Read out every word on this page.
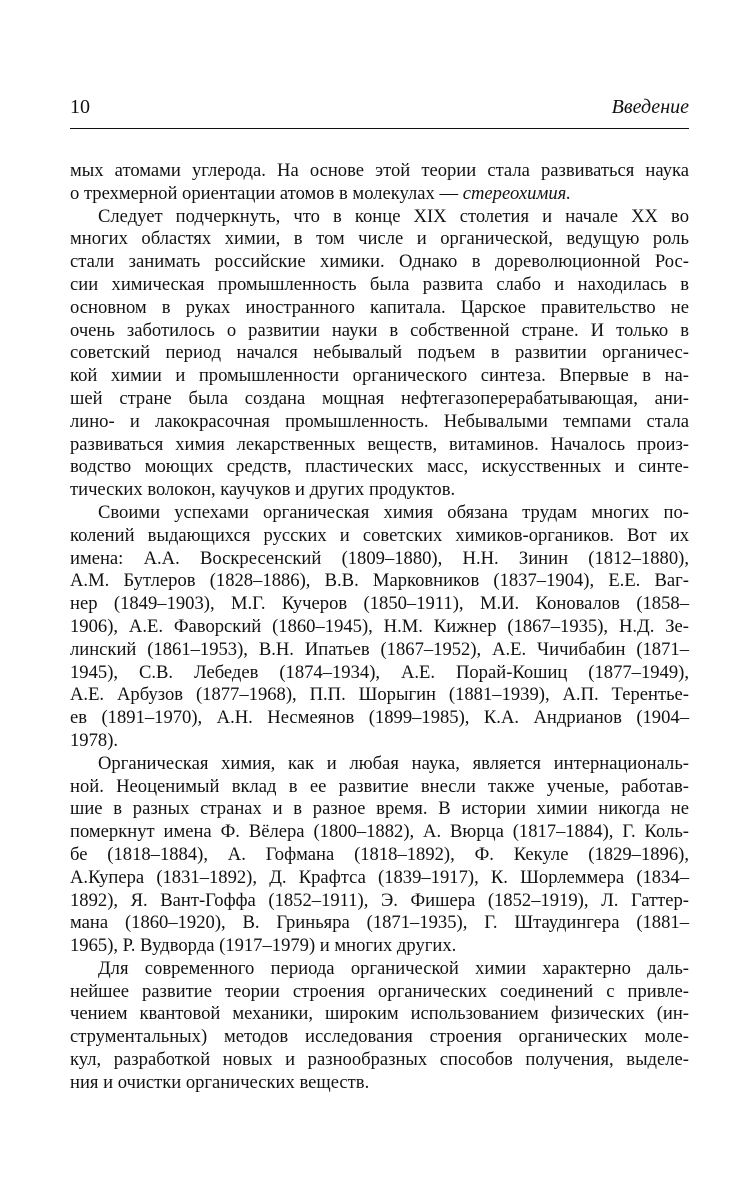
10	Введение
мых атомами углерода. На основе этой теории стала развиваться наука
о трехмерной ориентации атомов в молекулах — стереохимия.
Следует подчеркнуть, что в конце XIX столетия и начале XX во
многих областях химии, в том числе и органической, ведущую роль
стали занимать российские химики. Однако в дореволюционной Рос-
сии химическая промышленность была развита слабо и находилась в
основном в руках иностранного капитала. Царское правительство не
очень заботилось о развитии науки в собственной стране. И только в
советский период начался небывалый подъем в развитии органичес-
кой химии и промышленности органического синтеза. Впервые в на-
шей стране была создана мощная нефтегазоперерабатывающая, ани-
лино- и лакокрасочная промышленность. Небывалыми темпами стала
развиваться химия лекарственных веществ, витаминов. Началось произ-
водство моющих средств, пластических масс, искусственных и синте-
тических волокон, каучуков и других продуктов.
Своими успехами органическая химия обязана трудам многих по-
колений выдающихся русских и советских химиков-органиков. Вот их
имена: А.А. Воскресенский (1809–1880), Н.Н. Зинин (1812–1880),
А.М. Бутлеров (1828–1886), В.В. Марковников (1837–1904), Е.Е. Ваг-
нер (1849–1903), М.Г. Кучеров (1850–1911), М.И. Коновалов (1858–
1906), А.Е. Фаворский (1860–1945), Н.М. Кижнер (1867–1935), Н.Д. Зе-
линский (1861–1953), В.Н. Ипатьев (1867–1952), А.Е. Чичибабин (1871–
1945), С.В. Лебедев (1874–1934), А.Е. Порай-Кошиц (1877–1949),
А.Е. Арбузов (1877–1968), П.П. Шорыгин (1881–1939), А.П. Терентье-
ев (1891–1970), А.Н. Несмеянов (1899–1985), К.А. Андрианов (1904–
1978).
Органическая химия, как и любая наука, является интернациональ-
ной. Неоценимый вклад в ее развитие внесли также ученые, работав-
шие в разных странах и в разное время. В истории химии никогда не
померкнут имена Ф. Вёлера (1800–1882), А. Вюрца (1817–1884), Г. Коль-
бе (1818–1884), А. Гофмана (1818–1892), Ф. Кекуле (1829–1896),
А.Купера (1831–1892), Д. Крафтса (1839–1917), К. Шорлеммера (1834–
1892), Я. Вант-Гоффа (1852–1911), Э. Фишера (1852–1919), Л. Гаттер-
мана (1860–1920), В. Гриньяра (1871–1935), Г. Штаудингера (1881–
1965), Р. Вудворда (1917–1979) и многих других.
Для современного периода органической химии характерно даль-
нейшее развитие теории строения органических соединений с привле-
чением квантовой механики, широким использованием физических (ин-
струментальных) методов исследования строения органических моле-
кул, разработкой новых и разнообразных способов получения, выделе-
ния и очистки органических веществ.
